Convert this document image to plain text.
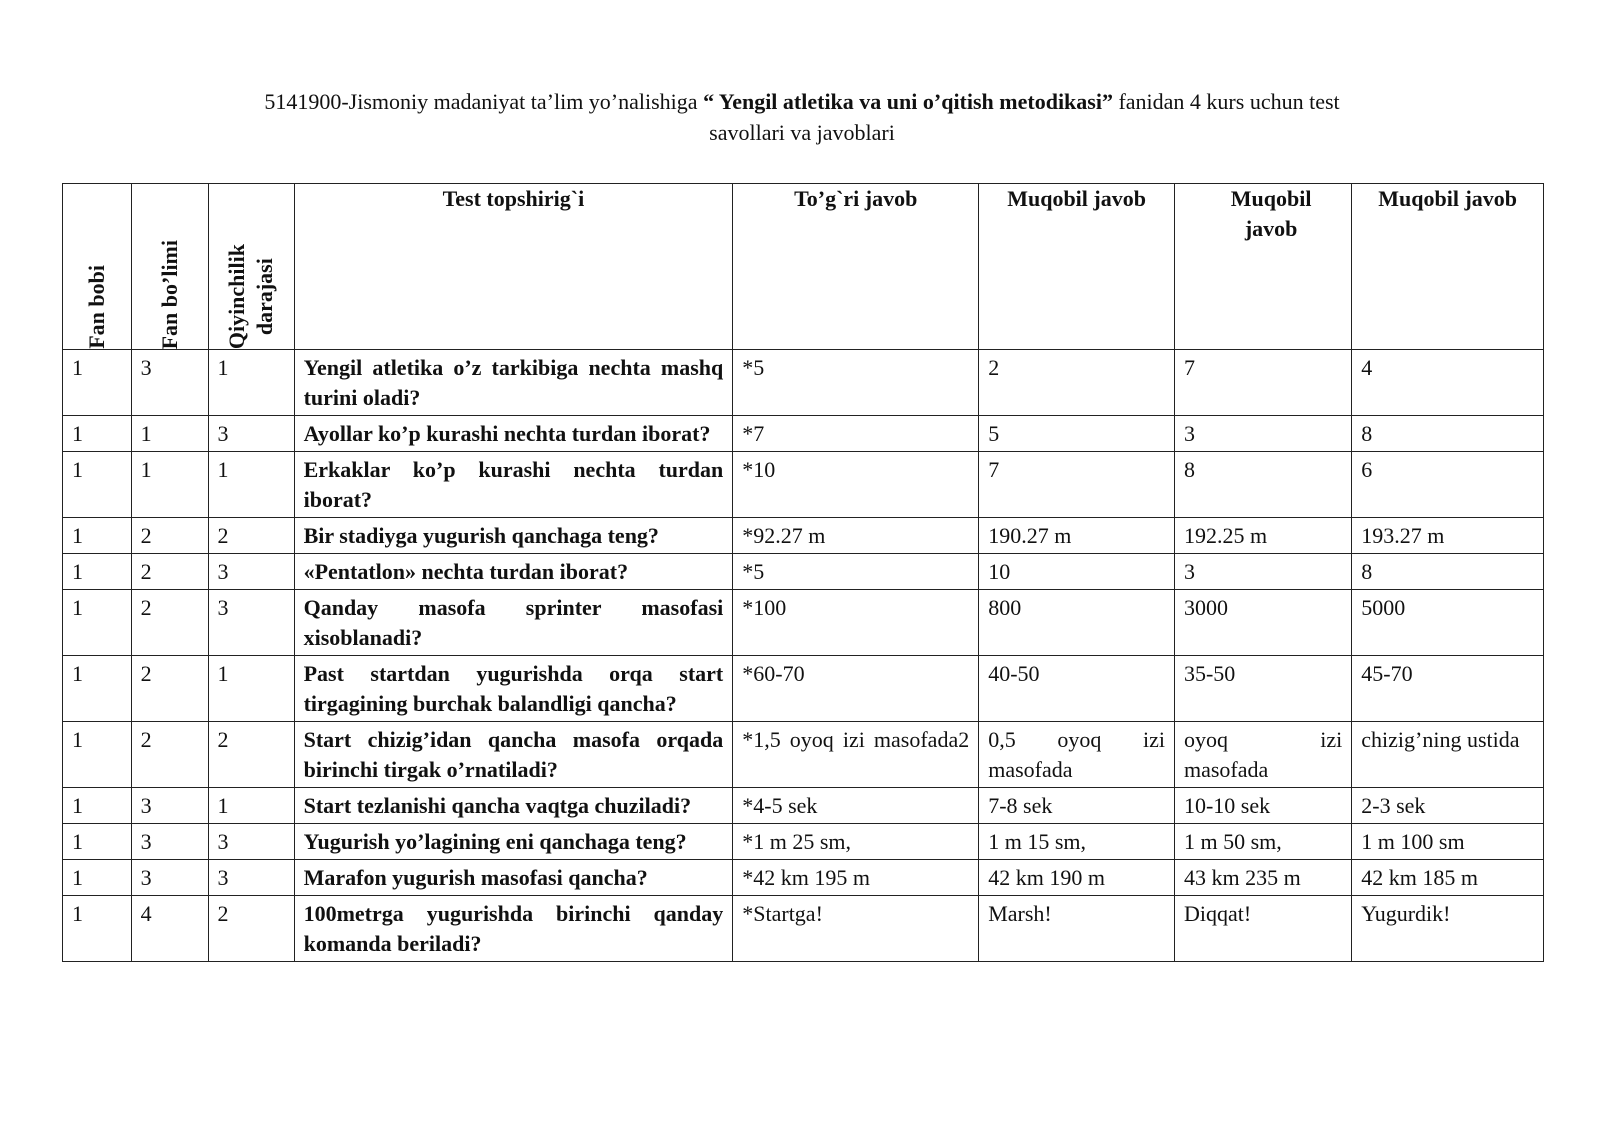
5141900-Jismoniy madaniyat ta’lim yo’nalishiga “ Yengil atletika va uni o’qitish metodikasi” fanidan 4 kurs uchun test
savollari va javoblari
Fan bobi	Fan bo’limi	Qiyinchilik darajasi	Test topshirig`i	To’g`ri javob	Muqobil javob	Muqobil javob	Muqobil javob
1	3	1	Yengil atletika o’z tarkibiga nechta mashq turini oladi?	*5	2	7	4
1	1	3	Ayollar ko’p kurashi nechta turdan iborat?	*7	5	3	8
1	1	1	Erkaklar ko’p kurashi nechta turdan iborat?	*10	7	8	6
1	2	2	Bir stadiyga yugurish qanchaga teng?	*92.27 m	190.27 m	192.25 m	193.27 m
1	2	3	«Pentatlon» nechta turdan iborat?	*5	10	3	8
1	2	3	Qanday masofa sprinter masofasi xisoblanadi?	*100	800	3000	5000
1	2	1	Past startdan yugurishda orqa start tirgagining burchak balandligi qancha?	*60-70	40-50	35-50	45-70
1	2	2	Start chizig’idan qancha masofa orqada birinchi tirgak o’rnatiladi?	*1,5 oyoq izi masofada2	0,5 oyoq izi masofada	oyoq izi masofada	chizig’ning ustida
1	3	1	Start tezlanishi qancha vaqtga chuziladi?	*4-5 sek	7-8 sek	10-10 sek	2-3 sek
1	3	3	Yugurish yo’lagining eni qanchaga teng?	*1 m 25 sm,	1 m 15 sm,	1 m 50 sm,	1 m 100 sm
1	3	3	Marafon yugurish masofasi qancha?	*42 km 195 m	42 km 190 m	43 km 235 m	42 km 185 m
1	4	2	100metrga yugurishda birinchi qanday komanda beriladi?	*Startga!	Marsh!	Diqqat!	Yugurdik!
